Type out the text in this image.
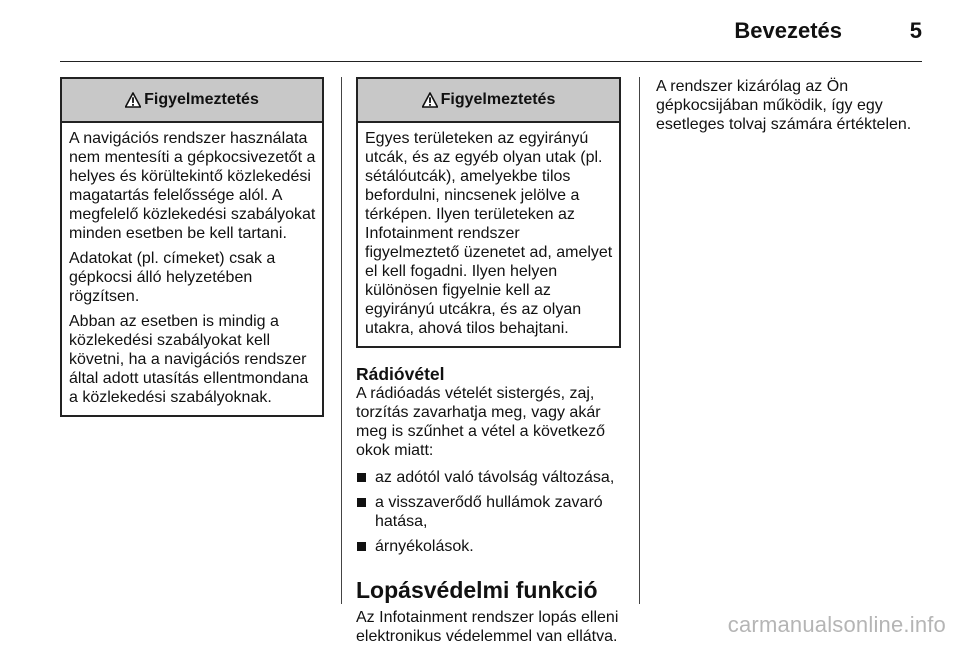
Bevezetés	5
Figyelmeztetés

A navigációs rendszer használata nem mentesíti a gépkocsivezetőt a helyes és körültekintő közlekedési magatartás felelőssége alól. A megfelelő közlekedési szabályokat minden esetben be kell tartani.

Adatokat (pl. címeket) csak a gépkocsi álló helyzetében rögzítsen.

Abban az esetben is mindig a közlekedési szabályokat kell követni, ha a navigációs rendszer által adott utasítás ellentmondana a közlekedési szabályoknak.

Figyelmeztetés

Egyes területeken az egyirányú utcák, és az egyéb olyan utak (pl. sétálóutcák), amelyekbe tilos befordulni, nincsenek jelölve a térképen. Ilyen területeken az Infotainment rendszer figyelmeztető üzenetet ad, amelyet el kell fogadni. Ilyen helyen különösen figyelnie kell az egyirányú utcákra, és az olyan utakra, ahová tilos behajtani.

Rádióvétel

A rádióadás vételét sistergés, zaj, torzítás zavarhatja meg, vagy akár meg is szűnhet a vétel a következő okok miatt:

az adótól való távolság változása,
a visszaverődő hullámok zavaró hatása,
árnyékolások.
Lopásvédelmi funkció

Az Infotainment rendszer lopás elleni elektronikus védelemmel van ellátva.

A rendszer kizárólag az Ön gépkocsijában működik, így egy esetleges tolvaj számára értéktelen.

carmanualsonline.info
